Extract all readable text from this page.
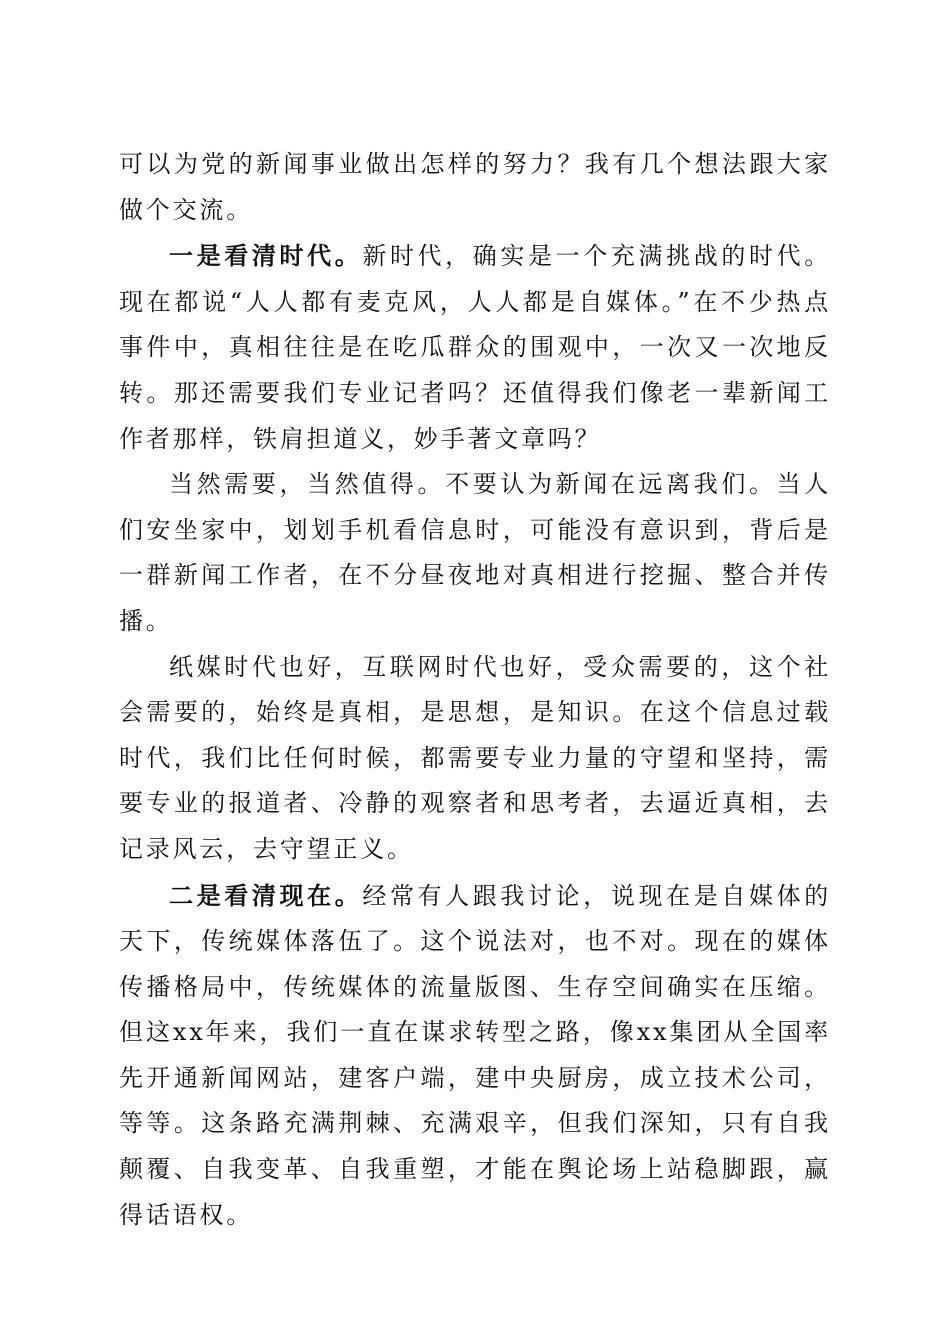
可以为党的新闻事业做出怎样的努力？我有几个想法跟大家做个交流。

一是看清时代。新时代，确实是一个充满挑战的时代。现在都说“人人都有麦克风，人人都是自媒体。”在不少热点事件中，真相往往是在吃瓜群众的围观中，一次又一次地反转。那还需要我们专业记者吗？还值得我们像老一辈新闻工作者那样，铁肩担道义，妙手著文章吗？

当然需要，当然值得。不要认为新闻在远离我们。当人们安坐家中，划划手机看信息时，可能没有意识到，背后是一群新闻工作者，在不分昼夜地对真相进行挖掘、整合并传播。

纸媒时代也好，互联网时代也好，受众需要的，这个社会需要的，始终是真相，是思想，是知识。在这个信息过载时代，我们比任何时候，都需要专业力量的守望和坚持，需要专业的报道者、冷静的观察者和思考者，去逼近真相，去记录风云，去守望正义。

二是看清现在。经常有人跟我讨论，说现在是自媒体的天下，传统媒体落伍了。这个说法对，也不对。现在的媒体传播格局中，传统媒体的流量版图、生存空间确实在压缩。但这xx年来，我们一直在谋求转型之路，像xx集团从全国率先开通新闻网站，建客户端，建中央厨房，成立技术公司，等等。这条路充满荆棘、充满艰辛，但我们深知，只有自我颠覆、自我变革、自我重塑，才能在舆论场上站稳脚跟，赢得话语权。
